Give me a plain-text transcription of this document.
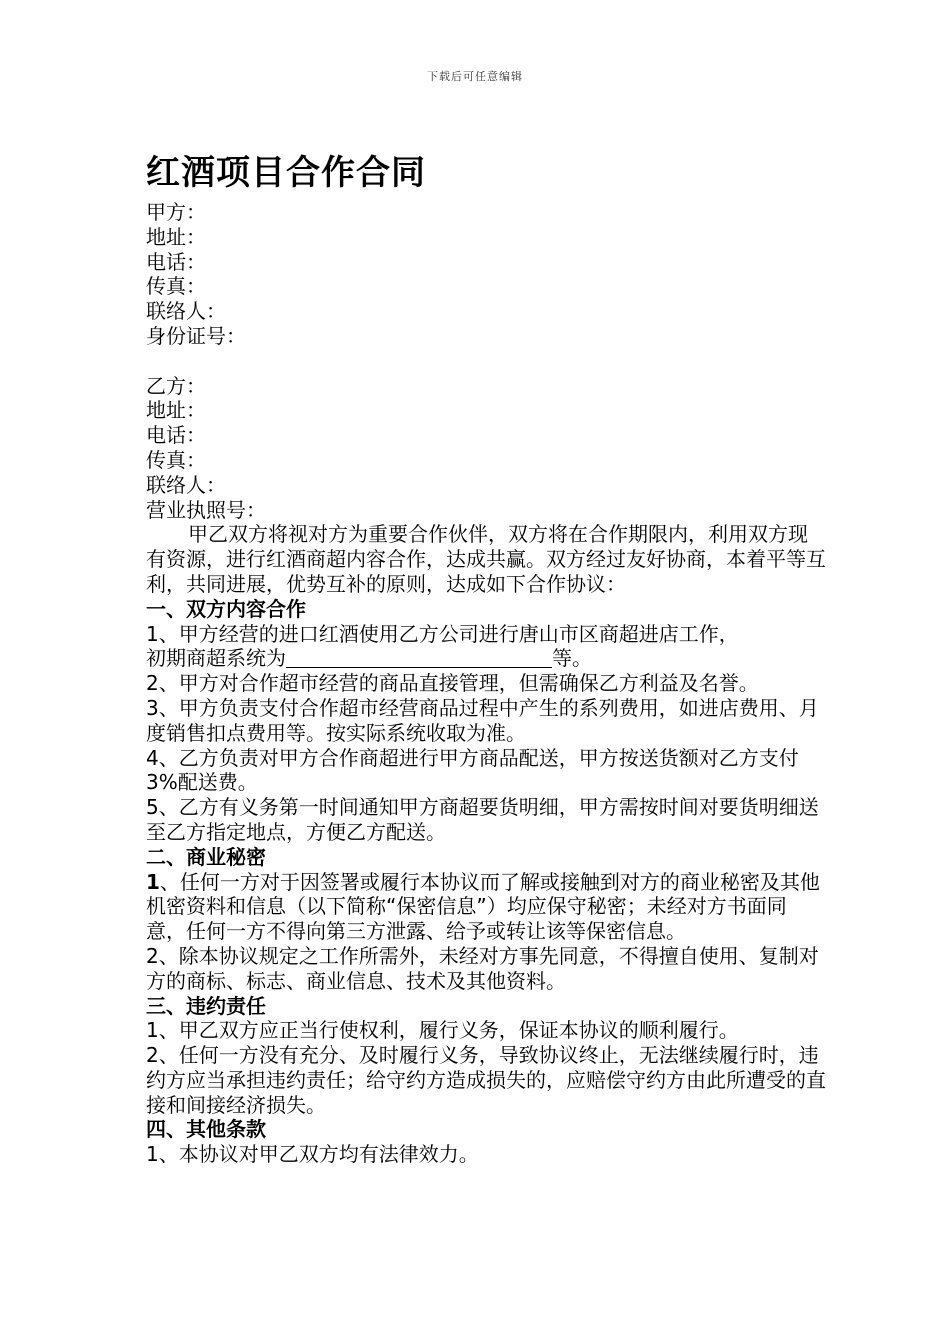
下载后可任意编辑
红酒项目合作合同

甲方：

地址：

电话：

传真：

联络人：

身份证号：

乙方：

地址：

电话：

传真：

联络人：

营业执照号：

甲乙双方将视对方为重要合作伙伴，双方将在合作期限内，利用双方现有资源，进行红酒商超内容合作，达成共赢。双方经过友好协商，本着平等互利，共同进展，优势互补的原则，达成如下合作协议：

一、双方内容合作

1、甲方经营的进口红酒使用乙方公司进行唐山市区商超进店工作，

初期商超系统为	等。

2、甲方对合作超市经营的商品直接管理，但需确保乙方利益及名誉。

3、甲方负责支付合作超市经营商品过程中产生的系列费用，如进店费用、月度销售扣点费用等。按实际系统收取为准。

4、乙方负责对甲方合作商超进行甲方商品配送，甲方按送货额对乙方支付 3%配送费。

5、乙方有义务第一时间通知甲方商超要货明细，甲方需按时间对要货明细送至乙方指定地点，方便乙方配送。

二、商业秘密

1、任何一方对于因签署或履行本协议而了解或接触到对方的商业秘密及其他机密资料和信息（以下简称“保密信息”）均应保守秘密；未经对方书面同意，任何一方不得向第三方泄露、给予或转让该等保密信息。

2、除本协议规定之工作所需外，未经对方事先同意，不得擅自使用、复制对方的商标、标志、商业信息、技术及其他资料。

三、违约责任

1、甲乙双方应正当行使权利，履行义务，保证本协议的顺利履行。

2、任何一方没有充分、及时履行义务，导致协议终止，无法继续履行时，违约方应当承担违约责任；给守约方造成损失的，应赔偿守约方由此所遭受的直接和间接经济损失。

四、其他条款

1、本协议对甲乙双方均有法律效力。
